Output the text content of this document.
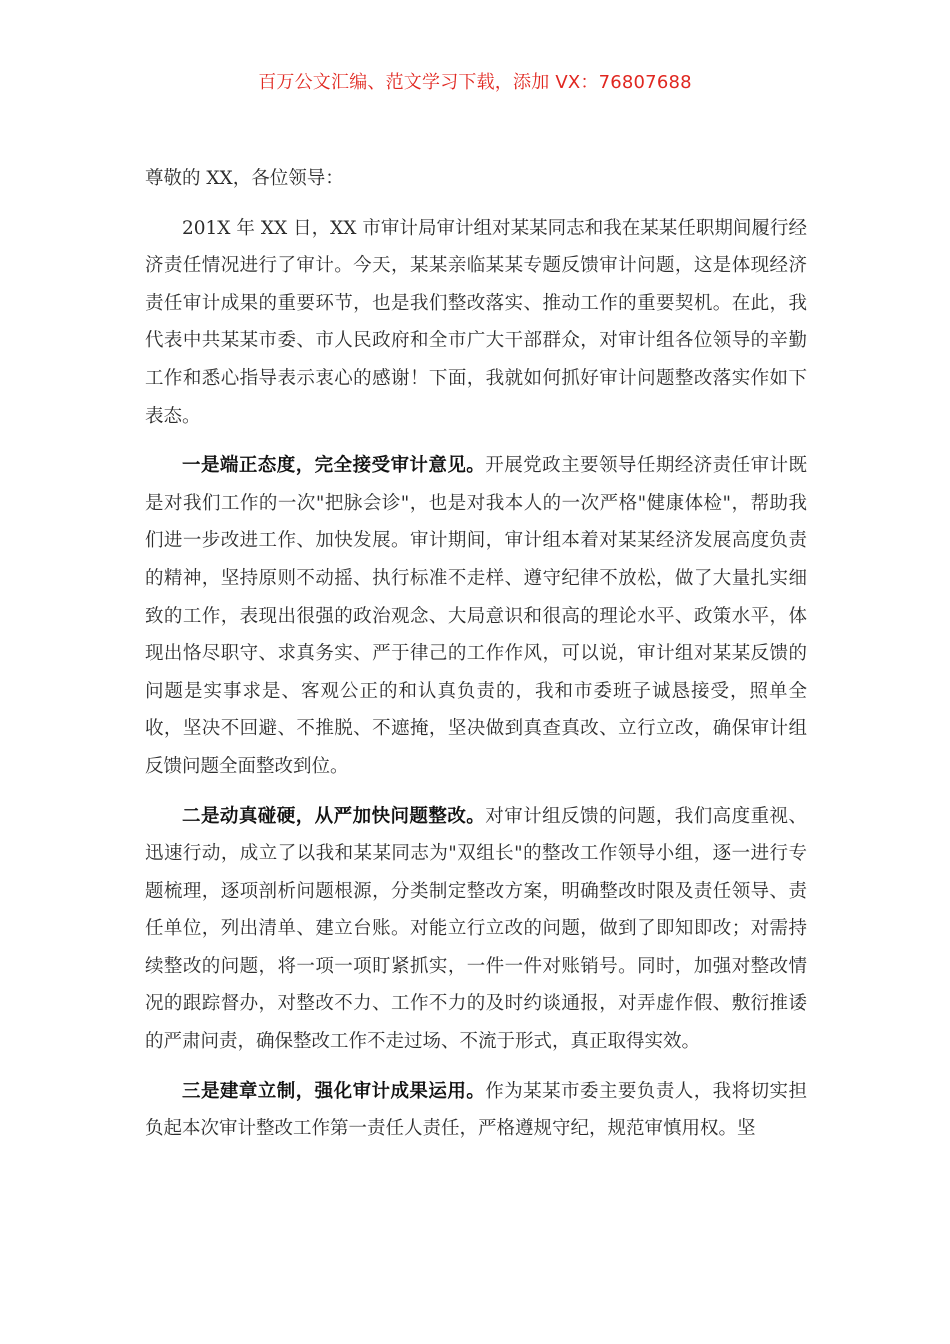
百万公文汇编、范文学习下载，添加 VX：76807688
尊敬的 XX，各位领导：

201X 年 XX 日，XX 市审计局审计组对某某同志和我在某某任职期间履行经济责任情况进行了审计。今天，某某亲临某某专题反馈审计问题，这是体现经济责任审计成果的重要环节，也是我们整改落实、推动工作的重要契机。在此，我代表中共某某市委、市人民政府和全市广大干部群众，对审计组各位领导的辛勤工作和悉心指导表示衷心的感谢！下面，我就如何抓好审计问题整改落实作如下表态。

一是端正态度，完全接受审计意见。开展党政主要领导任期经济责任审计既是对我们工作的一次"把脉会诊"，也是对我本人的一次严格"健康体检"，帮助我们进一步改进工作、加快发展。审计期间，审计组本着对某某经济发展高度负责的精神，坚持原则不动摇、执行标准不走样、遵守纪律不放松，做了大量扎实细致的工作，表现出很强的政治观念、大局意识和很高的理论水平、政策水平，体现出恪尽职守、求真务实、严于律己的工作作风，可以说，审计组对某某反馈的问题是实事求是、客观公正的和认真负责的，我和市委班子诚恳接受，照单全收，坚决不回避、不推脱、不遮掩，坚决做到真查真改、立行立改，确保审计组反馈问题全面整改到位。

二是动真碰硬，从严加快问题整改。对审计组反馈的问题，我们高度重视、迅速行动，成立了以我和某某同志为"双组长"的整改工作领导小组，逐一进行专题梳理，逐项剖析问题根源，分类制定整改方案，明确整改时限及责任领导、责任单位，列出清单、建立台账。对能立行立改的问题，做到了即知即改；对需持续整改的问题，将一项一项盯紧抓实，一件一件对账销号。同时，加强对整改情况的跟踪督办，对整改不力、工作不力的及时约谈通报，对弄虚作假、敷衍推诿的严肃问责，确保整改工作不走过场、不流于形式，真正取得实效。

三是建章立制，强化审计成果运用。作为某某市委主要负责人，我将切实担负起本次审计整改工作第一责任人责任，严格遵规守纪，规范审慎用权。坚
